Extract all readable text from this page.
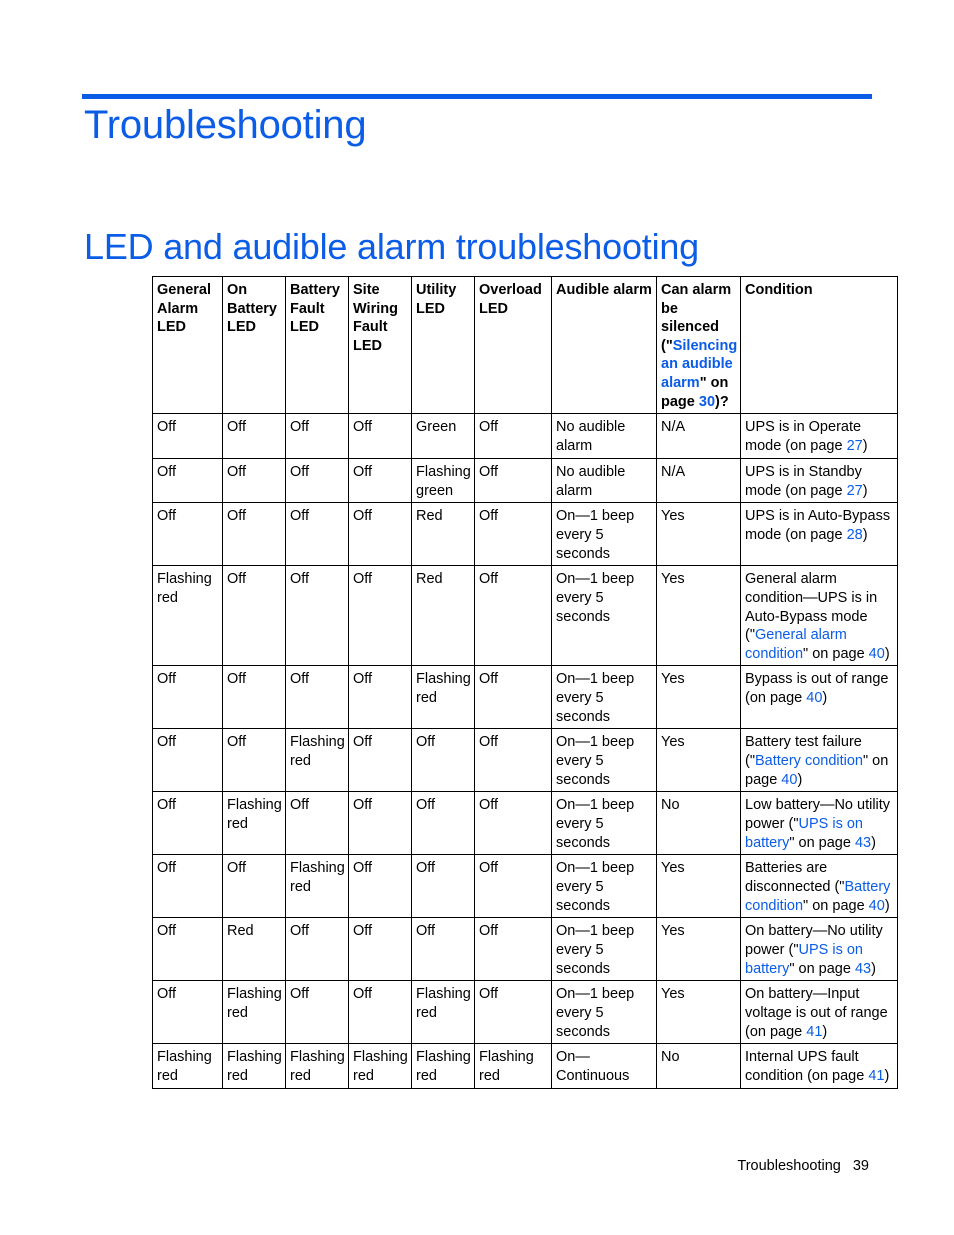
Troubleshooting
LED and audible alarm troubleshooting
General Alarm LED	On Battery LED	Battery Fault LED	Site Wiring Fault LED	Utility LED	Overload LED	Audible alarm	Can alarm be silenced ("Silencing an audible alarm" on page 30)?	Condition
Off	Off	Off	Off	Green	Off	No audible alarm	N/A	UPS is in Operate mode (on page 27)
Off	Off	Off	Off	Flashing green	Off	No audible alarm	N/A	UPS is in Standby mode (on page 27)
Off	Off	Off	Off	Red	Off	On—1 beep every 5 seconds	Yes	UPS is in Auto-Bypass mode (on page 28)
Flashing red	Off	Off	Off	Red	Off	On—1 beep every 5 seconds	Yes	General alarm condition—UPS is in Auto-Bypass mode ("General alarm condition" on page 40)
Off	Off	Off	Off	Flashing red	Off	On—1 beep every 5 seconds	Yes	Bypass is out of range (on page 40)
Off	Off	Flashing red	Off	Off	Off	On—1 beep every 5 seconds	Yes	Battery test failure ("Battery condition" on page 40)
Off	Flashing red	Off	Off	Off	Off	On—1 beep every 5 seconds	No	Low battery—No utility power ("UPS is on battery" on page 43)
Off	Off	Flashing red	Off	Off	Off	On—1 beep every 5 seconds	Yes	Batteries are disconnected ("Battery condition" on page 40)
Off	Red	Off	Off	Off	Off	On—1 beep every 5 seconds	Yes	On battery—No utility power ("UPS is on battery" on page 43)
Off	Flashing red	Off	Off	Flashing red	Off	On—1 beep every 5 seconds	Yes	On battery—Input voltage is out of range (on page 41)
Flashing red	Flashing red	Flashing red	Flashing red	Flashing red	Flashing red	On—Continuous	No	Internal UPS fault condition (on page 41)
Troubleshooting 39
